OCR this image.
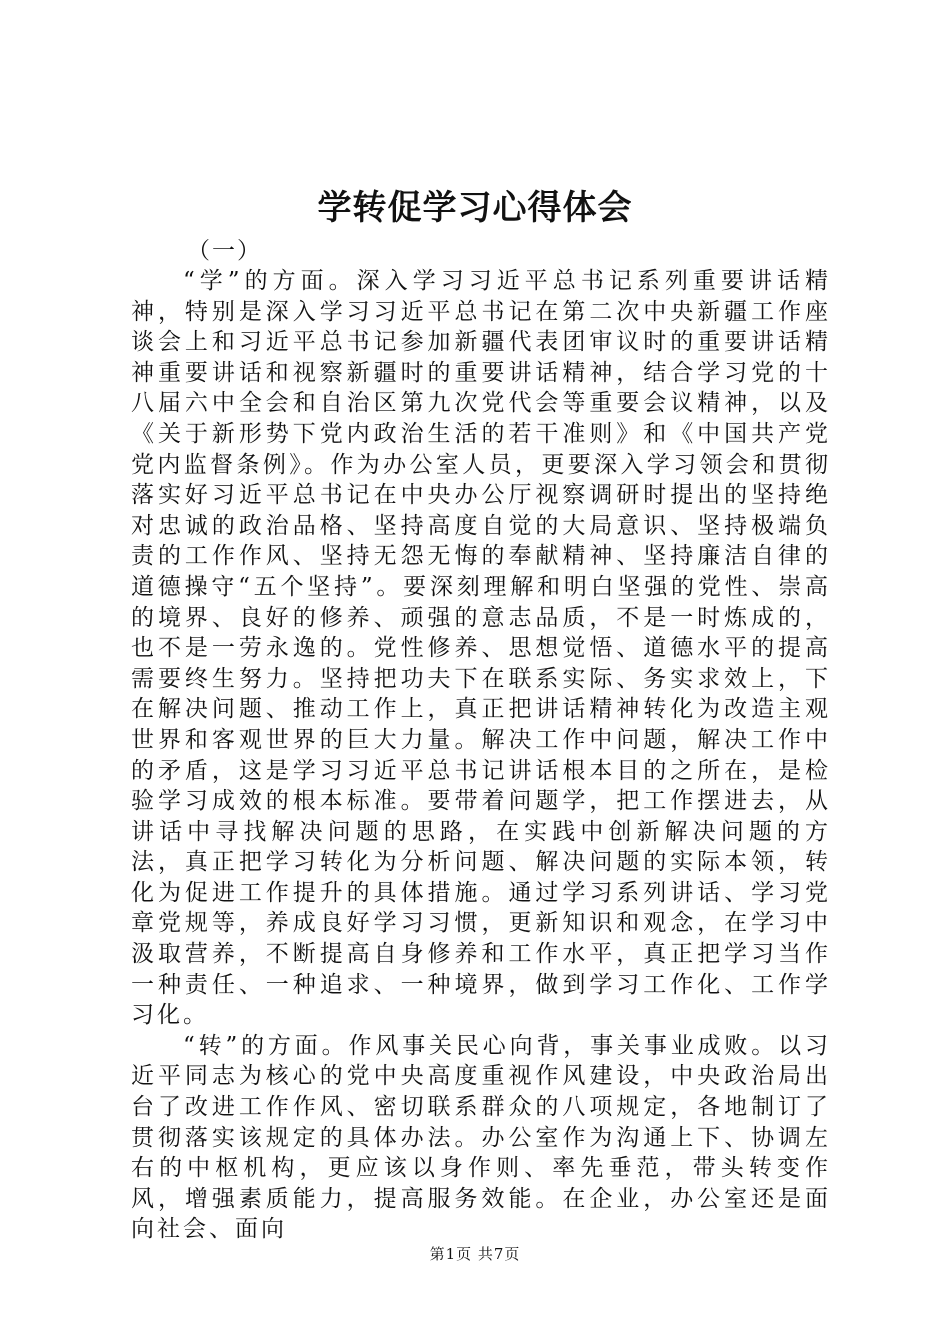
学转促学习心得体会

（一）

“学”的方面。深入学习习近平总书记系列重要讲话精神，特别是深入学习习近平总书记在第二次中央新疆工作座谈会上和习近平总书记参加新疆代表团审议时的重要讲话精神重要讲话和视察新疆时的重要讲话精神，结合学习党的十八届六中全会和自治区第九次党代会等重要会议精神，以及《关于新形势下党内政治生活的若干准则》和《中国共产党党内监督条例》。作为办公室人员，更要深入学习领会和贯彻落实好习近平总书记在中央办公厅视察调研时提出的坚持绝对忠诚的政治品格、坚持高度自觉的大局意识、坚持极端负责的工作作风、坚持无怨无悔的奉献精神、坚持廉洁自律的道德操守“五个坚持”。要深刻理解和明白坚强的党性、崇高的境界、良好的修养、顽强的意志品质，不是一时炼成的，也不是一劳永逸的。党性修养、思想觉悟、道德水平的提高需要终生努力。坚持把功夫下在联系实际、务实求效上，下在解决问题、推动工作上，真正把讲话精神转化为改造主观世界和客观世界的巨大力量。解决工作中问题，解决工作中的矛盾，这是学习习近平总书记讲话根本目的之所在，是检验学习成效的根本标准。要带着问题学，把工作摆进去，从讲话中寻找解决问题的思路，在实践中创新解决问题的方法，真正把学习转化为分析问题、解决问题的实际本领，转化为促进工作提升的具体措施。通过学习系列讲话、学习党章党规等，养成良好学习习惯，更新知识和观念，在学习中汲取营养，不断提高自身修养和工作水平，真正把学习当作一种责任、一种追求、一种境界，做到学习工作化、工作学习化。

“转”的方面。作风事关民心向背，事关事业成败。以习近平同志为核心的党中央高度重视作风建设，中央政治局出台了改进工作作风、密切联系群众的八项规定，各地制订了贯彻落实该规定的具体办法。办公室作为沟通上下、协调左右的中枢机构，更应该以身作则、率先垂范，带头转变作风，增强素质能力，提高服务效能。在企业，办公室还是面向社会、面向

第1页 共7页
